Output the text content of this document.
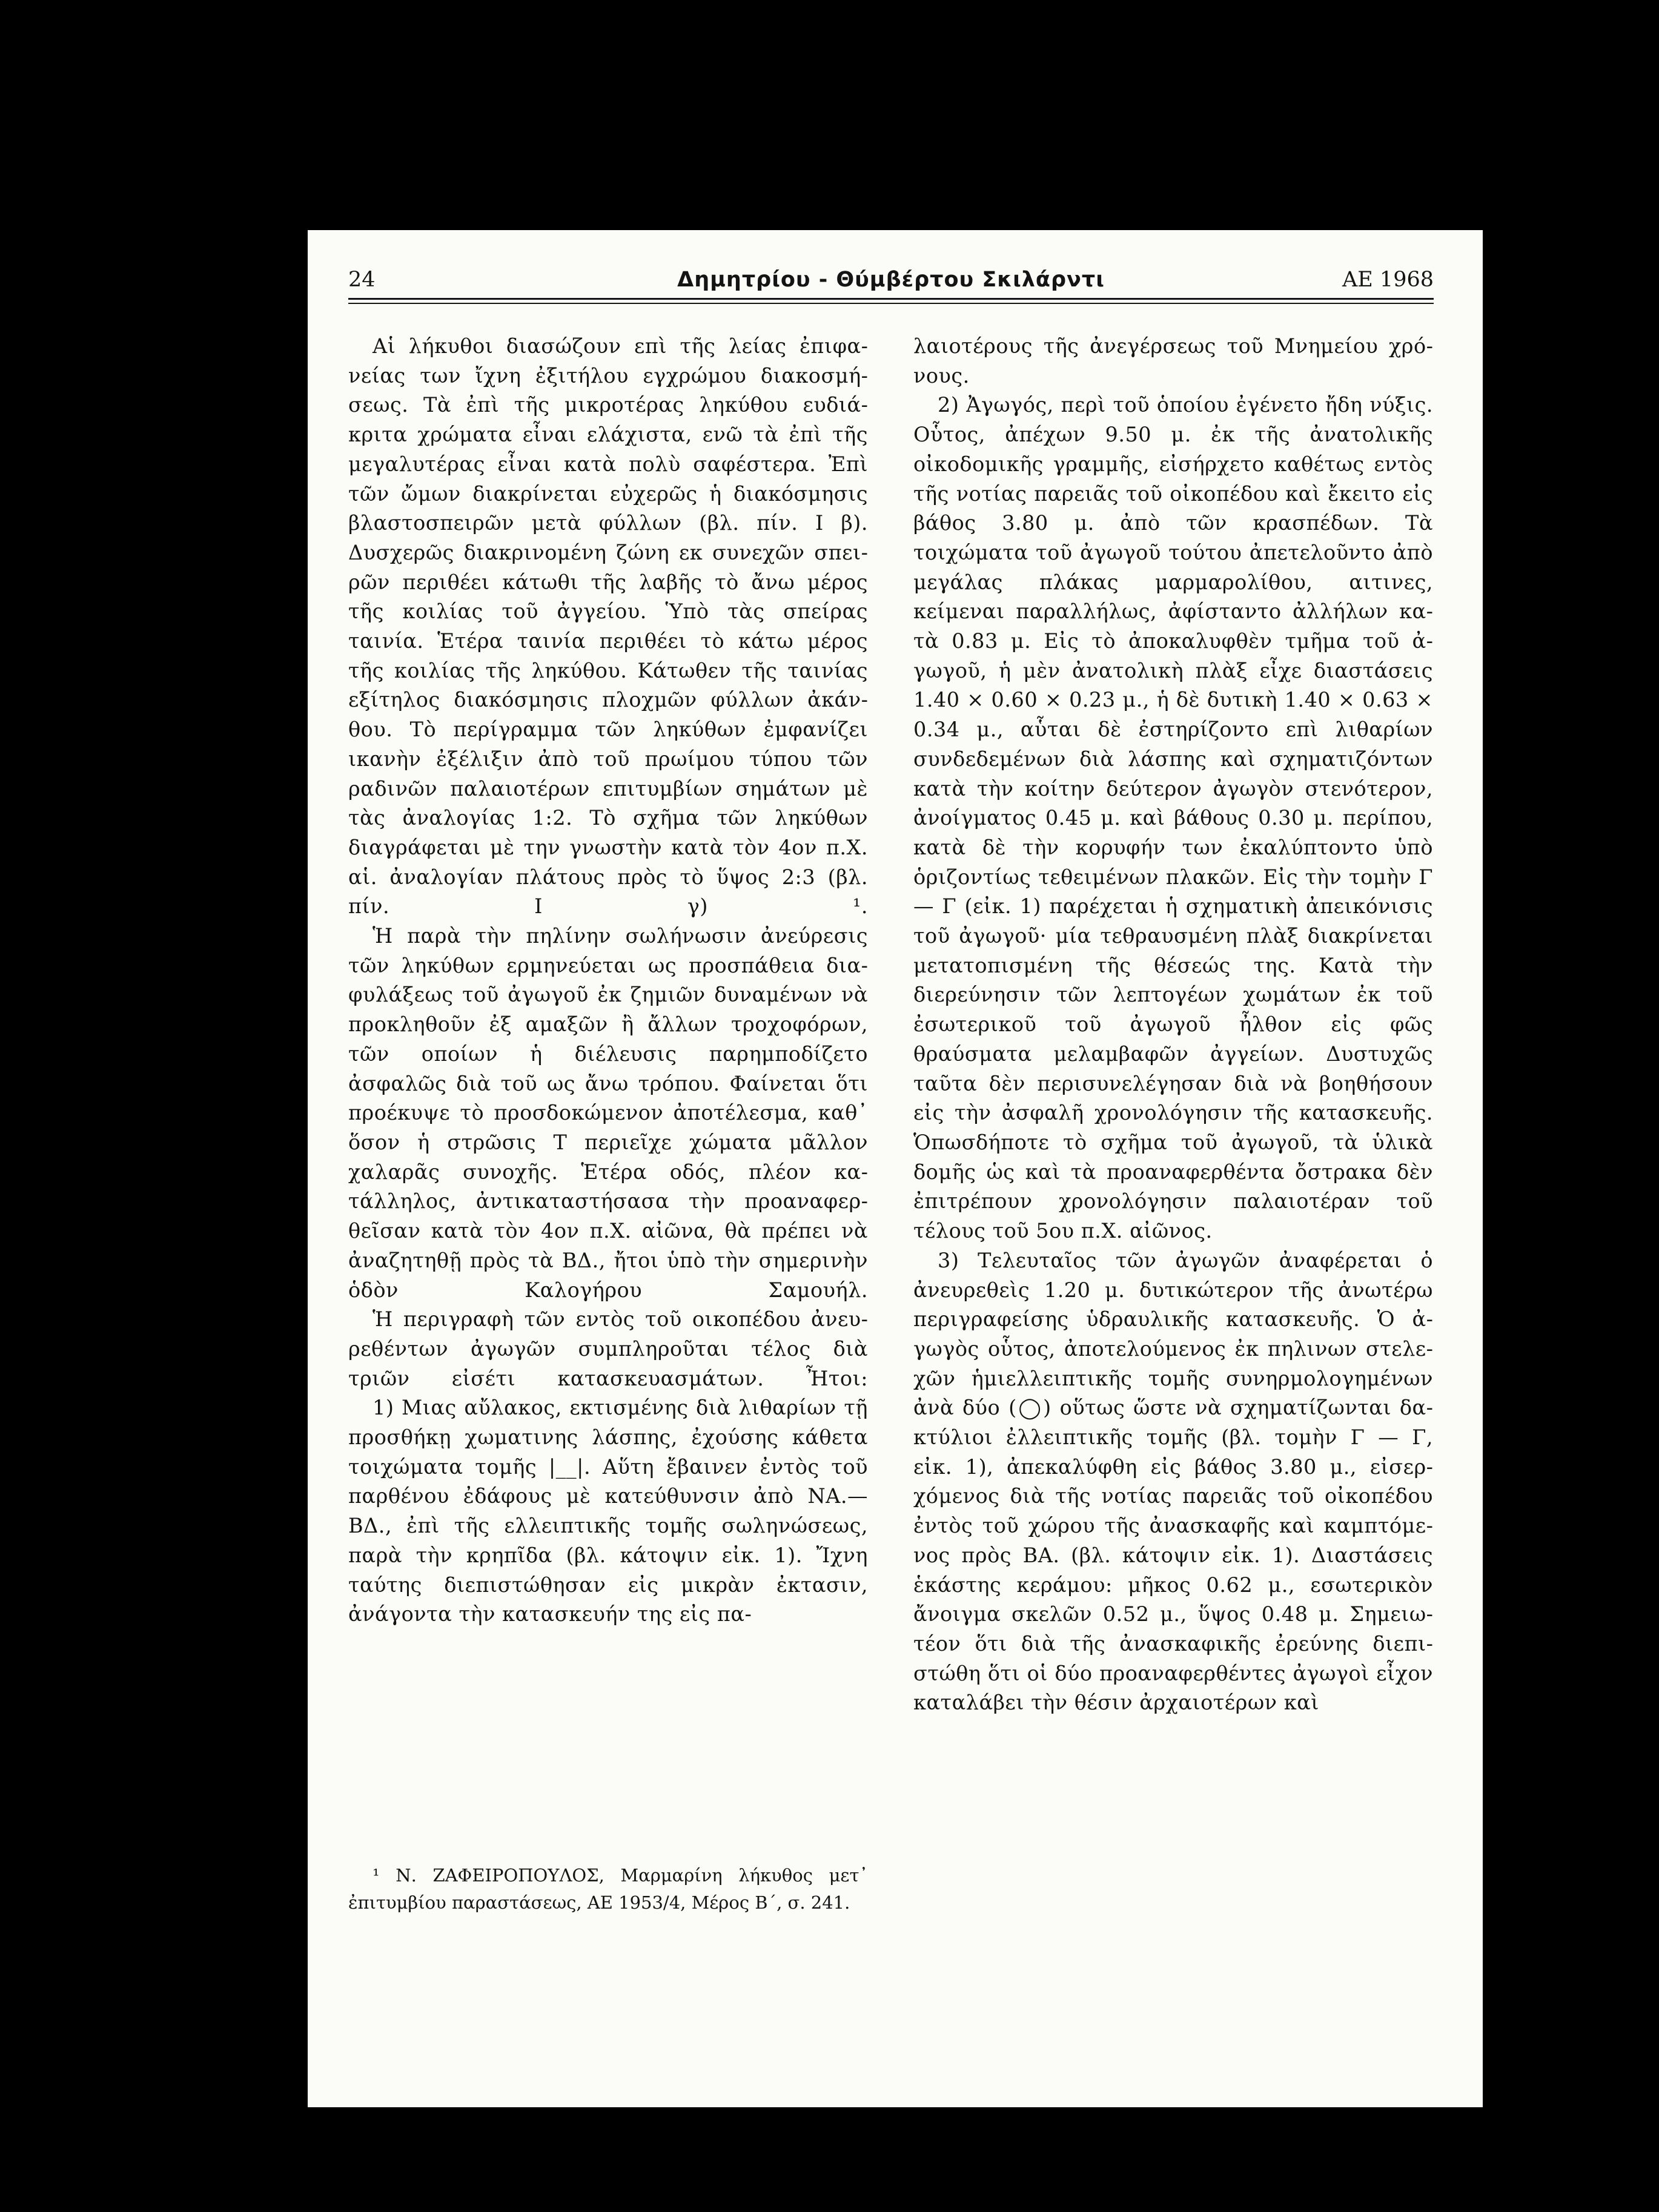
24	Δημητρίου - Θύμβέρτου Σκιλάρντι	ΑΕ 1968

Αἱ λήκυθοι διασώζουν επὶ τῆς λείας ἐπιφανείας των ἴχνη ἐξιτήλου εγχρώμου διακοσμήσεως. Τὰ ἐπὶ τῆς μικροτέρας ληκύθου ευδιάκριτα χρώματα εἶναι ελάχιστα, ενῶ τὰ ἐπὶ τῆς μεγαλυτέρας εἶναι κατὰ πολὺ σαφέστερα. Ἐπὶ τῶν ὤμων διακρίνεται εὐχερῶς ἡ διακόσμησις βλαστοσπειρῶν μετὰ φύλλων (βλ. πίν. Ι β). Δυσχερῶς διακρινομένη ζώνη εκ συνεχῶν σπειρῶν περιθέει κάτωθι τῆς λαβῆς τὸ ἄνω μέρος τῆς κοιλίας τοῦ ἀγγείου. Ὑπὸ τὰς σπείρας ταινία. Ἑτέρα ταινία περιθέει τὸ κάτω μέρος τῆς κοιλίας τῆς ληκύθου. Κάτωθεν τῆς ταινίας εξίτηλος διακόσμησις πλοχμῶν φύλλων ἀκάνθου. Τὸ περίγραμμα τῶν ληκύθων ἐμφανίζει ικανὴν ἐξέλιξιν ἀπὸ τοῦ πρωίμου τύπου τῶν ραδινῶν παλαιοτέρων επιτυμβίων σημάτων μὲ τὰς ἀναλογίας 1:2. Τὸ σχῆμα τῶν ληκύθων διαγράφεται μὲ την γνωστὴν κατὰ τὸν 4ον π.Χ. αἱ. ἀναλογίαν πλάτους πρὸς τὸ ὕψος 2:3 (βλ. πίν. Ι γ) ¹.

Ἡ παρὰ τὴν πηλίνην σωλήνωσιν ἀνεύρεσις τῶν ληκύθων ερμηνεύεται ως προσπάθεια διαφυλάξεως τοῦ ἀγωγοῦ ἐκ ζημιῶν δυναμένων νὰ προκληθοῦν ἐξ αμαξῶν ἢ ἄλλων τροχοφόρων, τῶν οποίων ἡ διέλευσις παρημποδίζετο ἀσφαλῶς διὰ τοῦ ως ἄνω τρόπου. Φαίνεται ὅτι προέκυψε τὸ προσδοκώμενον ἀποτέλεσμα, καθ᾿ ὅσον ἡ στρῶσις Τ περιεῖχε χώματα μᾶλλον χαλαρᾶς συνοχῆς. Ἑτέρα οδός, πλέον κατάλληλος, ἀντικαταστήσασα τὴν προαναφερθεῖσαν κατὰ τὸν 4ον π.Χ. αἰῶνα, θὰ πρέπει νὰ ἀναζητηθῇ πρὸς τὰ ΒΔ., ἤτοι ὑπὸ τὴν σημερινὴν ὁδὸν Καλογήρου Σαμουήλ.

Ἡ περιγραφὴ τῶν εντὸς τοῦ οικοπέδου ἀνευρεθέντων ἀγωγῶν συμπληροῦται τέλος διὰ τριῶν εἰσέτι κατασκευασμάτων. Ἦτοι:

1) Μιας αὔλακος, εκτισμένης διὰ λιθαρίων τῇ προσθήκῃ χωματινης λάσπης, ἐχούσης κάθετα τοιχώματα τομῆς |__|. Αὕτη ἔβαινεν ἐντὸς τοῦ παρθένου ἐδάφους μὲ κατεύθυνσιν ἀπὸ ΝΑ.—ΒΔ., ἐπὶ τῆς ελλειπτικῆς τομῆς σωληνώσεως, παρὰ τὴν κρηπῖδα (βλ. κάτοψιν εἰκ. 1). Ἴχνη ταύτης διεπιστώθησαν εἰς μικρὰν ἐκτασιν, ἀνάγοντα τὴν κατασκευήν της εἰς πα-

¹ Ν. ΖΑΦΕΙΡΟΠΟΥΛΟΣ, Μαρμαρίνη λήκυθος μετ᾿ ἐπιτυμβίου παραστάσεως, ΑΕ 1953/4, Μέρος Β΄, σ. 241.

λαιοτέρους τῆς ἀνεγέρσεως τοῦ Μνημείου χρόνους.

2) Ἀγωγός, περὶ τοῦ ὁποίου ἐγένετο ἤδη νύξις. Οὗτος, ἀπέχων 9.50 μ. ἐκ τῆς ἀνατολικῆς οἰκοδομικῆς γραμμῆς, εἰσήρχετο καθέτως εντὸς τῆς νοτίας παρειᾶς τοῦ οἰκοπέδου καὶ ἔκειτο εἰς βάθος 3.80 μ. ἀπὸ τῶν κρασπέδων. Τὰ τοιχώματα τοῦ ἀγωγοῦ τούτου ἀπετελοῦντο ἀπὸ μεγάλας πλάκας μαρμαρολίθου, αιτινες, κείμεναι παραλλήλως, ἀφίσταντο ἀλλήλων κατὰ 0.83 μ. Εἰς τὸ ἀποκαλυφθὲν τμῆμα τοῦ ἀγωγοῦ, ἡ μὲν ἀνατολικὴ πλὰξ εἶχε διαστάσεις 1.40 × 0.60 × 0.23 μ., ἡ δὲ δυτικὴ 1.40 × 0.63 × 0.34 μ., αὗται δὲ ἐστηρίζοντο επὶ λιθαρίων συνδεδεμένων διὰ λάσπης καὶ σχηματιζόντων κατὰ τὴν κοίτην δεύτερον ἀγωγὸν στενότερον, ἀνοίγματος 0.45 μ. καὶ βάθους 0.30 μ. περίπου, κατὰ δὲ τὴν κορυφήν των ἐκαλύπτοντο ὑπὸ ὁριζοντίως τεθειμένων πλακῶν. Εἰς τὴν τομὴν Γ — Γ (εἰκ. 1) παρέχεται ἡ σχηματικὴ ἀπεικόνισις τοῦ ἀγωγοῦ· μία τεθραυσμένη πλὰξ διακρίνεται μετατοπισμένη τῆς θέσεώς της. Κατὰ τὴν διερεύνησιν τῶν λεπτογέων χωμάτων ἐκ τοῦ ἐσωτερικοῦ τοῦ ἀγωγοῦ ἦλθον εἰς φῶς θραύσματα μελαμβαφῶν ἀγγείων. Δυστυχῶς ταῦτα δὲν περισυνελέγησαν διὰ νὰ βοηθήσουν εἰς τὴν ἀσφαλῆ χρονολόγησιν τῆς κατασκευῆς. Ὁπωσδήποτε τὸ σχῆμα τοῦ ἀγωγοῦ, τὰ ὑλικὰ δομῆς ὡς καὶ τὰ προαναφερθέντα ὄστρακα δὲν ἐπιτρέπουν χρονολόγησιν παλαιοτέραν τοῦ τέλους τοῦ 5ου π.Χ. αἰῶνος.

3) Τελευταῖος τῶν ἀγωγῶν ἀναφέρεται ὁ ἀνευρεθεὶς 1.20 μ. δυτικώτερον τῆς ἀνωτέρω περιγραφείσης ὑδραυλικῆς κατασκευῆς. Ὁ ἀγωγὸς οὗτος, ἀποτελούμενος ἐκ πηλινων στελεχῶν ἡμιελλειπτικῆς τομῆς συνηρμολογημένων ἀνὰ δύο (◯) οὕτως ὥστε νὰ σχηματίζωνται δακτύλιοι ἐλλειπτικῆς τομῆς (βλ. τομὴν Γ — Γ, εἰκ. 1), ἀπεκαλύφθη εἰς βάθος 3.80 μ., εἰσερχόμενος διὰ τῆς νοτίας παρειᾶς τοῦ οἰκοπέδου ἐντὸς τοῦ χώρου τῆς ἀνασκαφῆς καὶ καμπτόμενος πρὸς ΒΑ. (βλ. κάτοψιν εἰκ. 1). Διαστάσεις ἑκάστης κεράμου: μῆκος 0.62 μ., εσωτερικὸν ἄνοιγμα σκελῶν 0.52 μ., ὕψος 0.48 μ. Σημειωτέον ὅτι διὰ τῆς ἀνασκαφικῆς ἐρεύνης διεπιστώθη ὅτι οἱ δύο προαναφερθέντες ἀγωγοὶ εἶχον καταλάβει τὴν θέσιν ἀρχαιοτέρων καὶ
